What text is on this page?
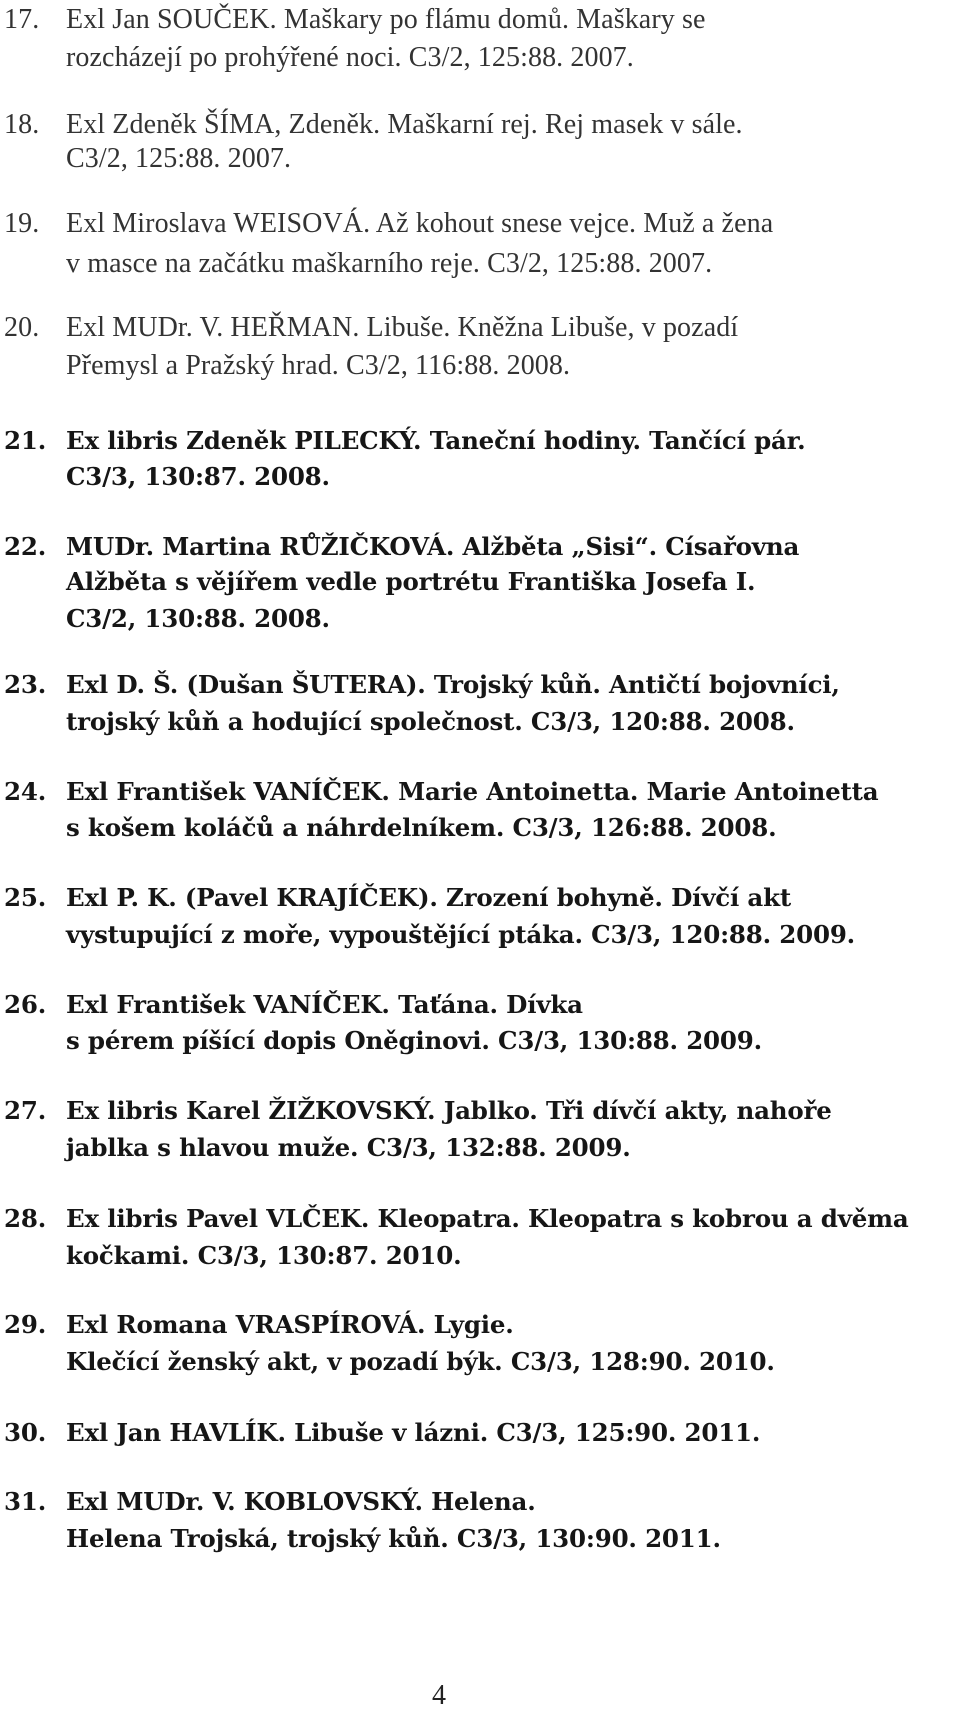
17. Exl Jan SOUČEK. Maškary po flámu domů. Maškary se
rozcházejí po prohýřené noci. C3/2, 125:88. 2007.
18. Exl Zdeněk ŠÍMA, Zdeněk. Maškarní rej. Rej masek v sále.
C3/2, 125:88. 2007.
19. Exl Miroslava WEISOVÁ. Až kohout snese vejce. Muž a žena
v masce na začátku maškarního reje. C3/2, 125:88. 2007.
20. Exl MUDr. V. HEŘMAN. Libuše. Kněžna Libuše, v pozadí
Přemysl a Pražský hrad. C3/2, 116:88. 2008.
21. Ex libris Zdeněk PILECKÝ. Taneční hodiny. Tančící pár.
C3/3, 130:87. 2008.
22. MUDr. Martina RŮŽIČKOVÁ. Alžběta „Sisi“. Císařovna
Alžběta s vějířem vedle portrétu Františka Josefa I.
C3/2, 130:88. 2008.
23. Exl D. Š. (Dušan ŠUTERA). Trojský kůň. Antičtí bojovníci,
trojský kůň a hodující společnost. C3/3, 120:88. 2008.
24. Exl František VANÍČEK. Marie Antoinetta. Marie Antoinetta
s košem koláčů a náhrdelníkem. C3/3, 126:88. 2008.
25. Exl P. K. (Pavel KRAJÍČEK). Zrození bohyně. Dívčí akt
vystupující z moře, vypouštějící ptáka. C3/3, 120:88. 2009.
26. Exl František VANÍČEK. Taťána. Dívka
s pérem píšící dopis Oněginovi. C3/3, 130:88. 2009.
27. Ex libris Karel ŽIŽKOVSKÝ. Jablko. Tři dívčí akty, nahoře
jablka s hlavou muže. C3/3, 132:88. 2009.
28. Ex libris Pavel VLČEK. Kleopatra. Kleopatra s kobrou a dvěma
kočkami. C3/3, 130:87. 2010.
29. Exl Romana VRASPÍROVÁ. Lygie.
Klečící ženský akt, v pozadí býk. C3/3, 128:90. 2010.
30. Exl Jan HAVLÍK. Libuše v lázni. C3/3, 125:90. 2011.
31. Exl MUDr. V. KOBLOVSKÝ. Helena.
Helena Trojská, trojský kůň. C3/3, 130:90. 2011.
4
